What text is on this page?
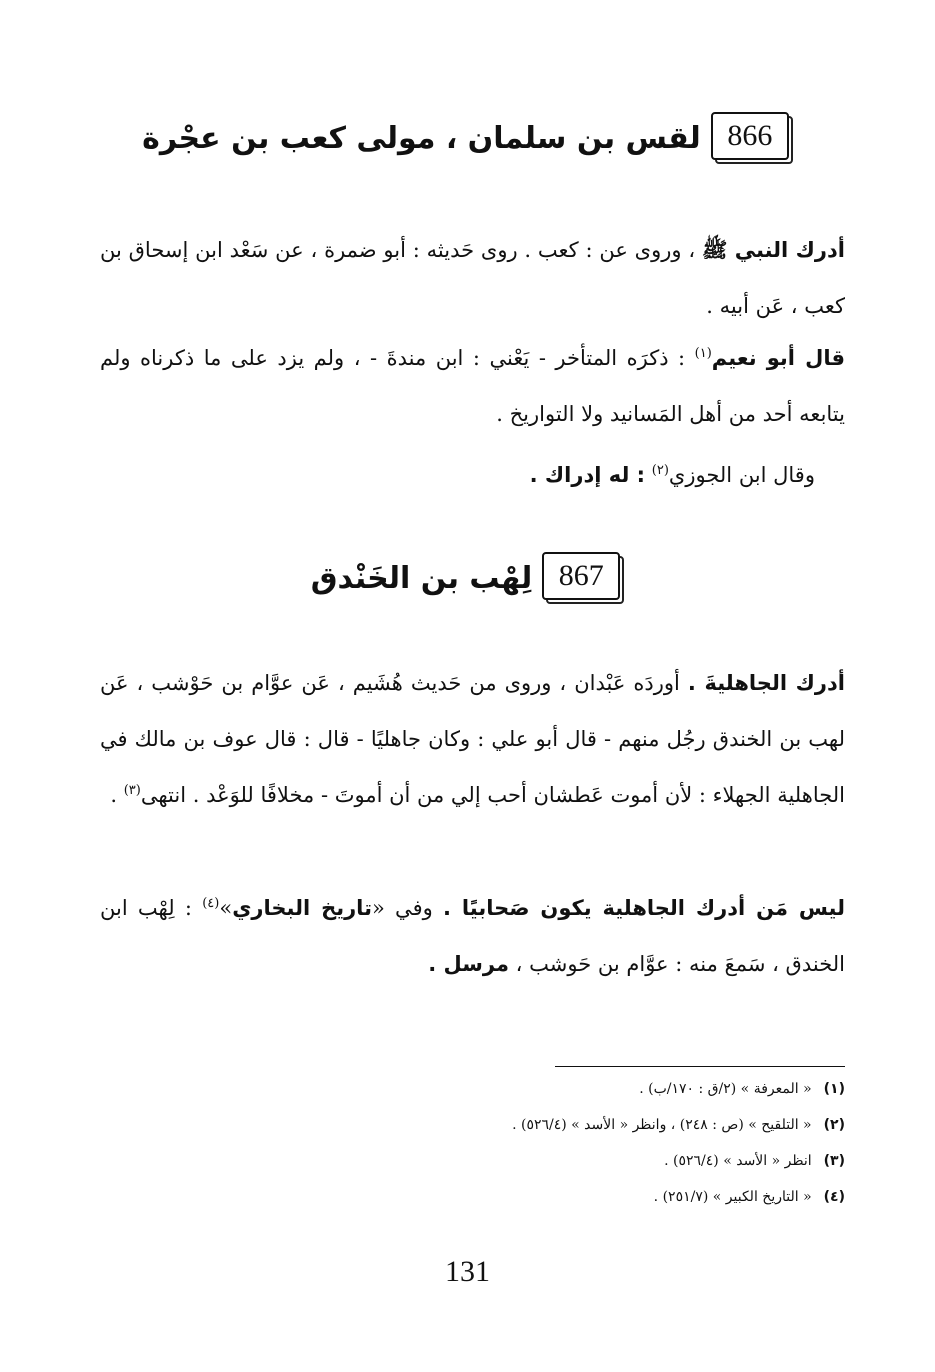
866
لقس بن سلمان ، مولى كعب بن عجْرة
أدرك النبي ﷺ ، وروى عن : كعب . روى حَديثه : أبو ضمرة ، عن سَعْد ابن إسحاق بن كعب ، عَن أبيه .
قال أبو نعيم$^{(١)}$ : ذكرَه المتأخر - يَعْني : ابن مندةَ - ، ولم يزد على ما ذكرناه ولم يتابعه أحد من أهل المَسانيد ولا التواريخ .
وقال ابن الجوزي$^{(٢)}$ : له إدراك .
867
لِهْب بن الخَنْدق
أدرك الجاهليةَ . أوردَه عَبْدان ، وروى من حَديث هُشَيم ، عَن عوَّام بن حَوْشب ، عَن لهب بن الخندق رجُل منهم - قال أبو علي : وكان جاهليًا - قال : قال عوف بن مالك في الجاهلية الجهلاء : لأن أموت عَطشان أحب إلي من أن أموتَ - مخلافًا للوَعْد . انتهى$^{(٣)}$ .
ليس مَن أدرك الجاهلية يكون صَحابيًا . وفي «تاريخ البخاري»$^{(٤)}$ : لِهْب ابن الخندق ، سَمعَ منه : عوَّام بن حَوشب ، مرسل .
(١)« المعرفة » (٢/ق : ١٧٠/ب) .
(٢)« التلقيح » (ص : ٢٤٨) ، وانظر « الأسد » (٥٢٦/٤) .
(٣)انظر « الأسد » (٥٢٦/٤) .
(٤)« التاريخ الكبير » (٢٥١/٧) .
131
